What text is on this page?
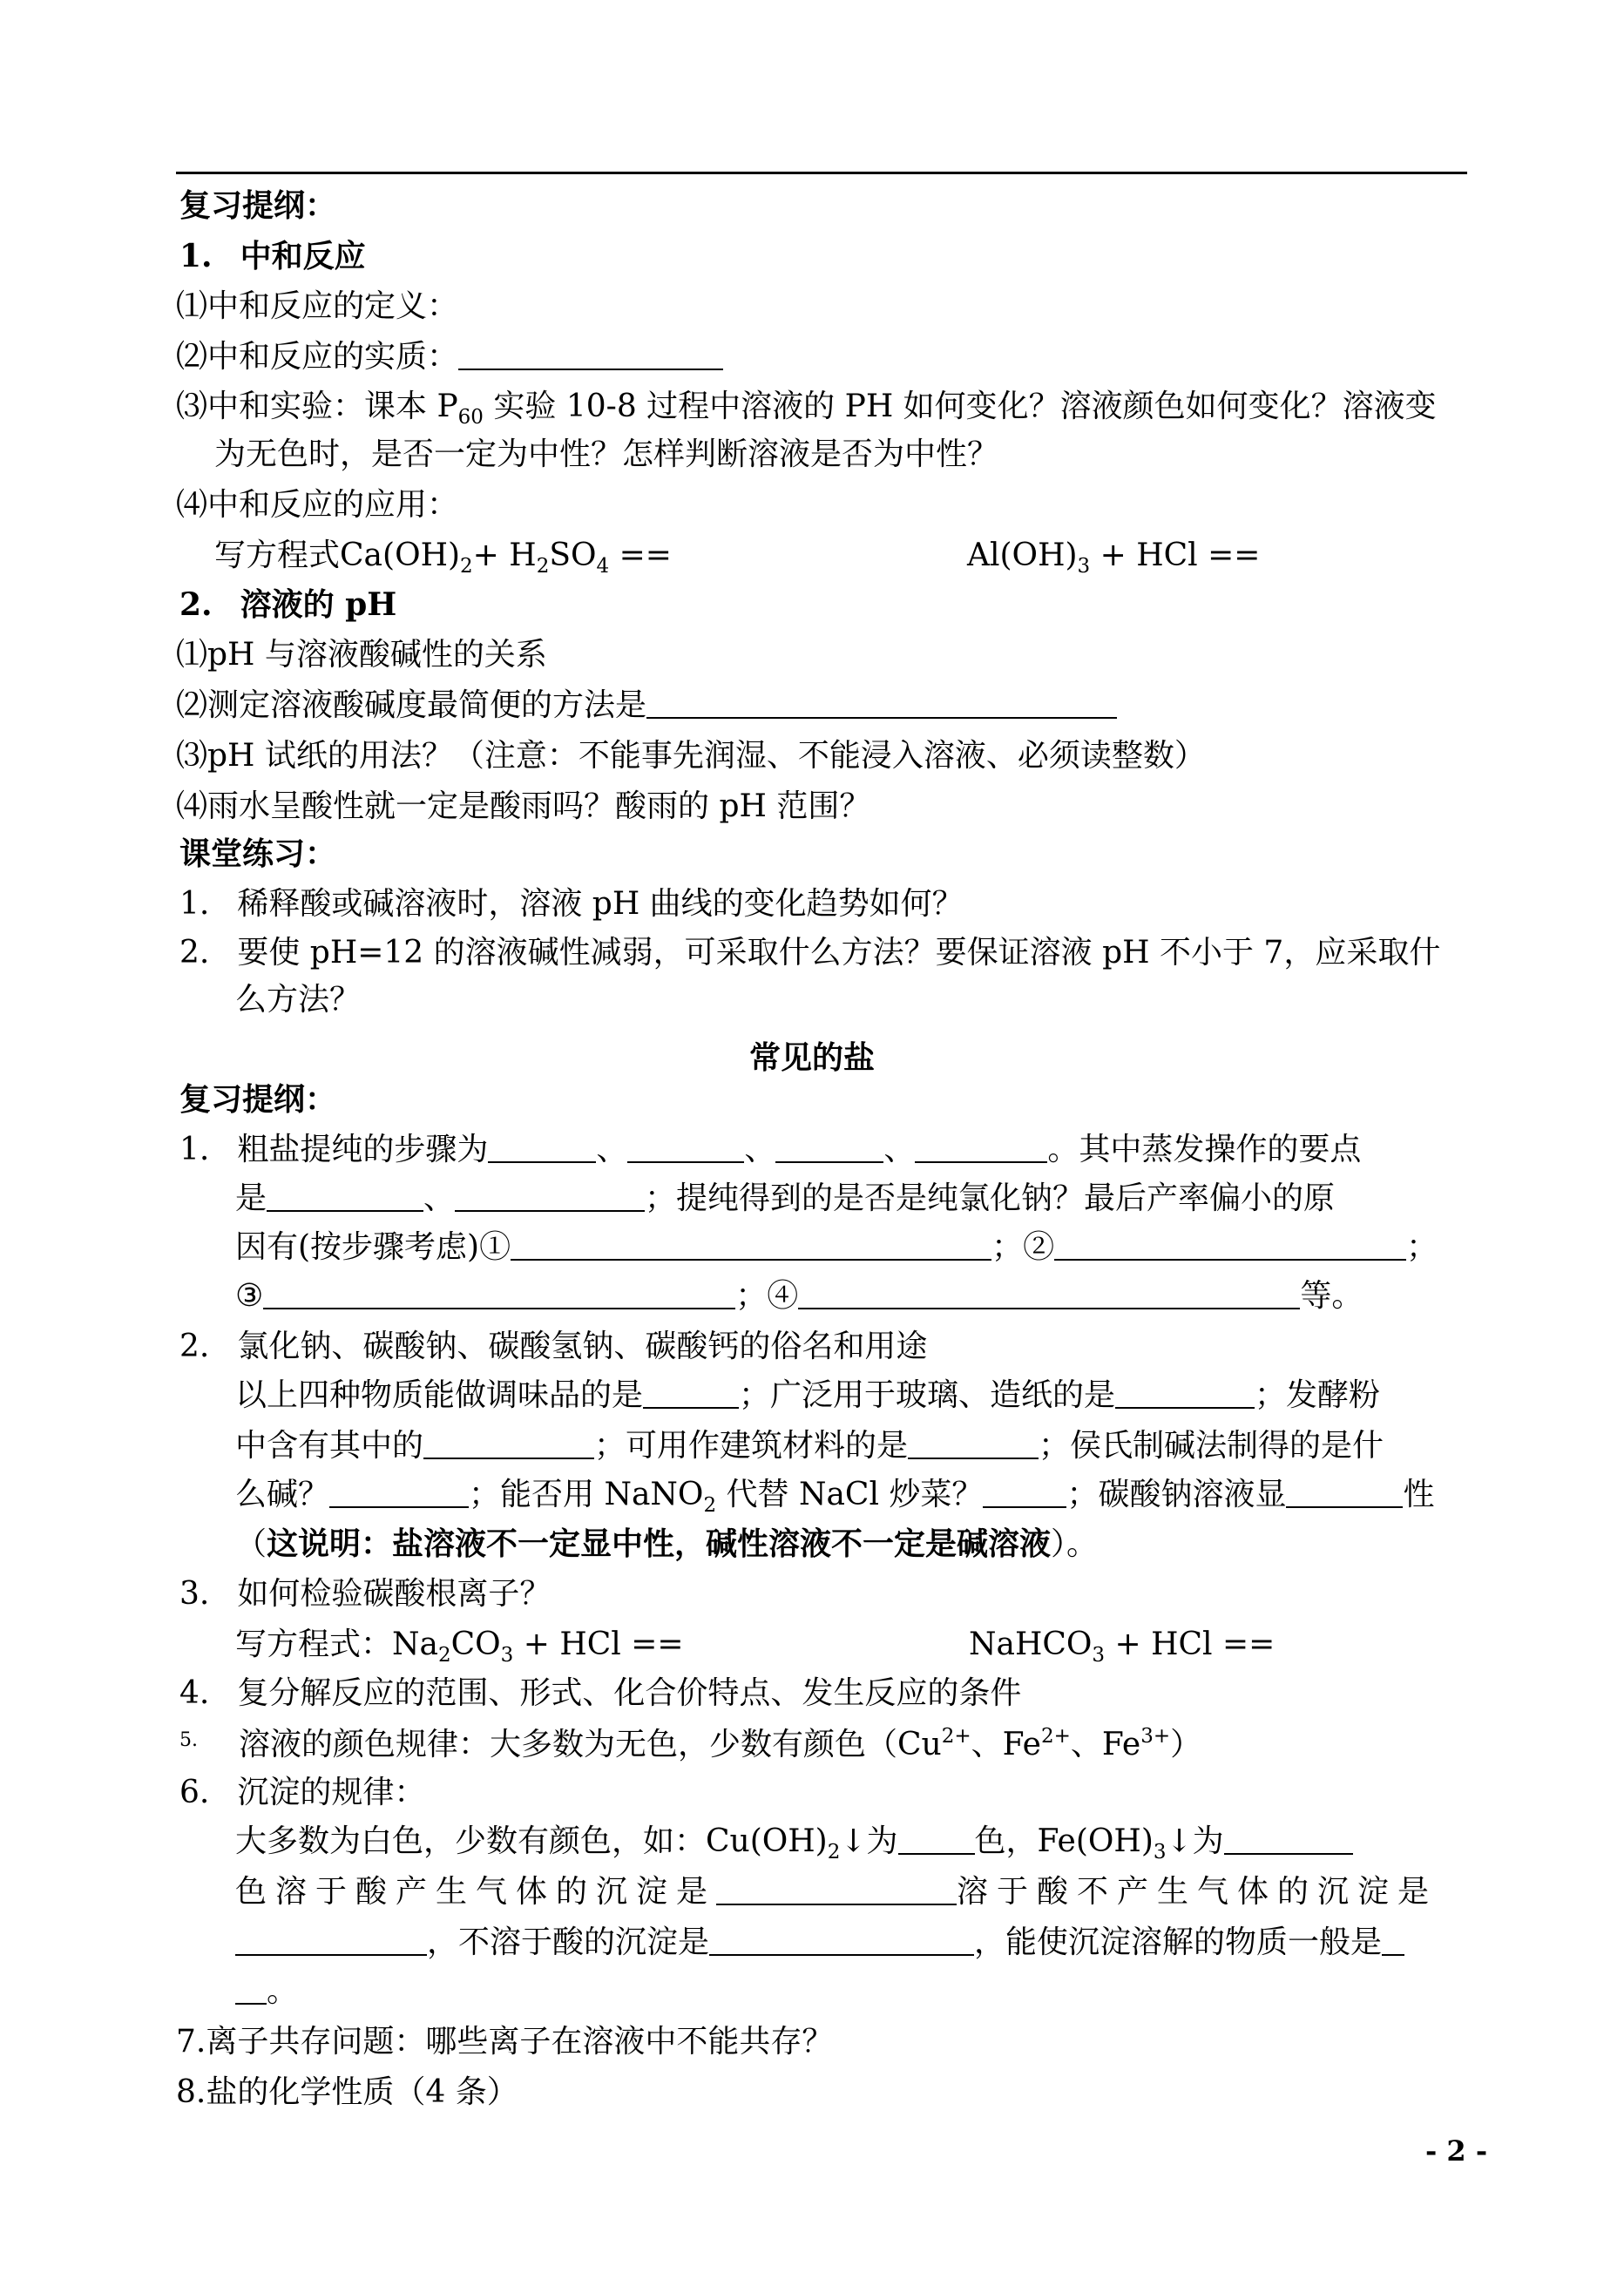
复习提纲：
1. 中和反应
⑴中和反应的定义：
⑵中和反应的实质：
⑶中和实验：课本 $P_{60}$ 实验 10-8 过程中溶液的 PH 如何变化？溶液颜色如何变化？溶液变
为无色时，是否一定为中性？怎样判断溶液是否为中性？
⑷中和反应的应用：
写方程式$Ca(OH)_2+ H_2SO_4$ ==	$Al(OH)_3$ + HCl ==
2. 溶液的 pH
⑴pH 与溶液酸碱性的关系
⑵测定溶液酸碱度最简便的方法是
⑶pH 试纸的用法？（注意：不能事先润湿、不能浸入溶液、必须读整数）
⑷雨水呈酸性就一定是酸雨吗？酸雨的 pH 范围？
课堂练习：
1. 稀释酸或碱溶液时，溶液 pH 曲线的变化趋势如何？
2. 要使 pH=12 的溶液碱性减弱，可采取什么方法？要保证溶液 pH 不小于 7，应采取什
么方法？
常见的盐
复习提纲：
1. 粗盐提纯的步骤为	、	、	、	。其中蒸发操作的要点
是	、	；提纯得到的是否是纯氯化钠？最后产率偏小的原
因有(按步骤考虑)①	；②	；
③	；④	等。
2. 氯化钠、碳酸钠、碳酸氢钠、碳酸钙的俗名和用途
以上四种物质能做调味品的是	；广泛用于玻璃、造纸的是	；发酵粉
中含有其中的	；可用作建筑材料的是	；侯氏制碱法制得的是什
么碱？	；能否用 NaNO$_2$ 代替 NaCl 炒菜？	；碳酸钠溶液显	性
（这说明：盐溶液不一定显中性，碱性溶液不一定是碱溶液）。
3. 如何检验碳酸根离子？
写方程式：$Na_2CO_3$ + HCl ==	NaHCO$_3$ + HCl ==
4. 复分解反应的范围、形式、化合价特点、发生反应的条件
5. 溶液的颜色规律：大多数为无色，少数有颜色（$Cu^{2+}$、$Fe^{2+}$、$Fe^{3+}$）
6. 沉淀的规律：
大多数为白色，少数有颜色，如：$Cu(OH)_2↓$为 色，$Fe(OH)_3↓$为
色溶于酸产生气体的沉淀是	溶于酸不产生气体的沉淀是
，不溶于酸的沉淀是	，能使沉淀溶解的物质一般是
。
7.离子共存问题：哪些离子在溶液中不能共存？
8.盐的化学性质（4 条）
- 2 -
